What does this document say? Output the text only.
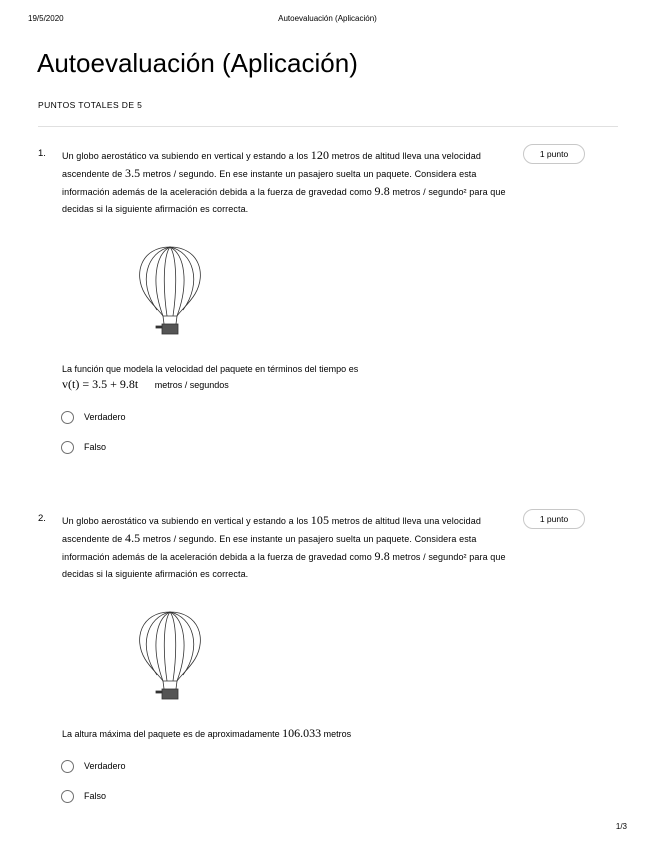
19/5/2020	Autoevaluación (Aplicación)
1/3
Autoevaluación (Aplicación)
PUNTOS TOTALES DE 5
1. Un globo aerostático va subiendo en vertical y estando a los 120 metros de altitud lleva una velocidad ascendente de 3.5 metros / segundo. En ese instante un pasajero suelta un paquete. Considera esta información además de la aceleración debida a la fuerza de gravedad como 9.8 metros / segundo² para que decidas si la siguiente afirmación es correcta.
1 punto
La función que modela la velocidad del paquete en términos del tiempo es
v(t) = 3.5 + 9.8t metros / segundos
Verdadero
Falso
2. Un globo aerostático va subiendo en vertical y estando a los 105 metros de altitud lleva una velocidad ascendente de 4.5 metros / segundo. En ese instante un pasajero suelta un paquete. Considera esta información además de la aceleración debida a la fuerza de gravedad como 9.8 metros / segundo² para que decidas si la siguiente afirmación es correcta.
1 punto
La altura máxima del paquete es de aproximadamente 106.033 metros
Verdadero
Falso
